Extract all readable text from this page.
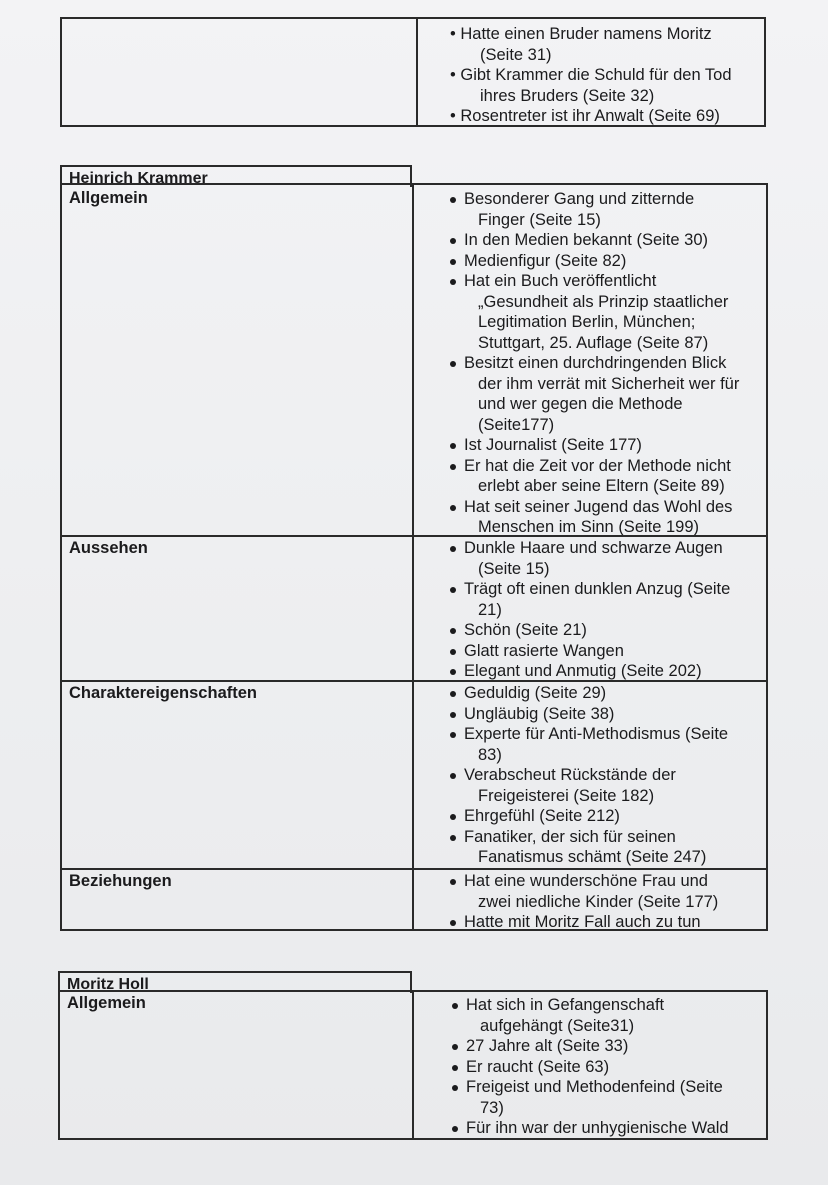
• Hatte einen Bruder namens Moritz
(Seite 31)
• Gibt Krammer die Schuld für den Tod
ihres Bruders (Seite 32)
• Rosentreter ist ihr Anwalt (Seite 69)
Heinrich Krammer
Allgemein	Besonderer Gang und zitternde
Finger (Seite 15)
In den Medien bekannt (Seite 30)
Medienfigur (Seite 82)
Hat ein Buch veröffentlicht
„Gesundheit als Prinzip staatlicher
Legitimation Berlin, München;
Stuttgart, 25. Auflage (Seite 87)
Besitzt einen durchdringenden Blick
der ihm verrät mit Sicherheit wer für
und wer gegen die Methode
(Seite177)
Ist Journalist (Seite 177)
Er hat die Zeit vor der Methode nicht
erlebt aber seine Eltern (Seite 89)
Hat seit seiner Jugend das Wohl des
Menschen im Sinn (Seite 199)
Aussehen	Dunkle Haare und schwarze Augen
(Seite 15)
Trägt oft einen dunklen Anzug (Seite
21)
Schön (Seite 21)
Glatt rasierte Wangen
Elegant und Anmutig (Seite 202)
Charaktereigenschaften	Geduldig (Seite 29)
Ungläubig (Seite 38)
Experte für Anti-Methodismus (Seite
83)
Verabscheut Rückstände der
Freigeisterei (Seite 182)
Ehrgefühl (Seite 212)
Fanatiker, der sich für seinen
Fanatismus schämt (Seite 247)
Beziehungen	Hat eine wunderschöne Frau und
zwei niedliche Kinder (Seite 177)
Hatte mit Moritz Fall auch zu tun
Moritz Holl
Allgemein	Hat sich in Gefangenschaft
aufgehängt (Seite31)
27 Jahre alt (Seite 33)
Er raucht (Seite 63)
Freigeist und Methodenfeind (Seite
73)
Für ihn war der unhygienische Wald
